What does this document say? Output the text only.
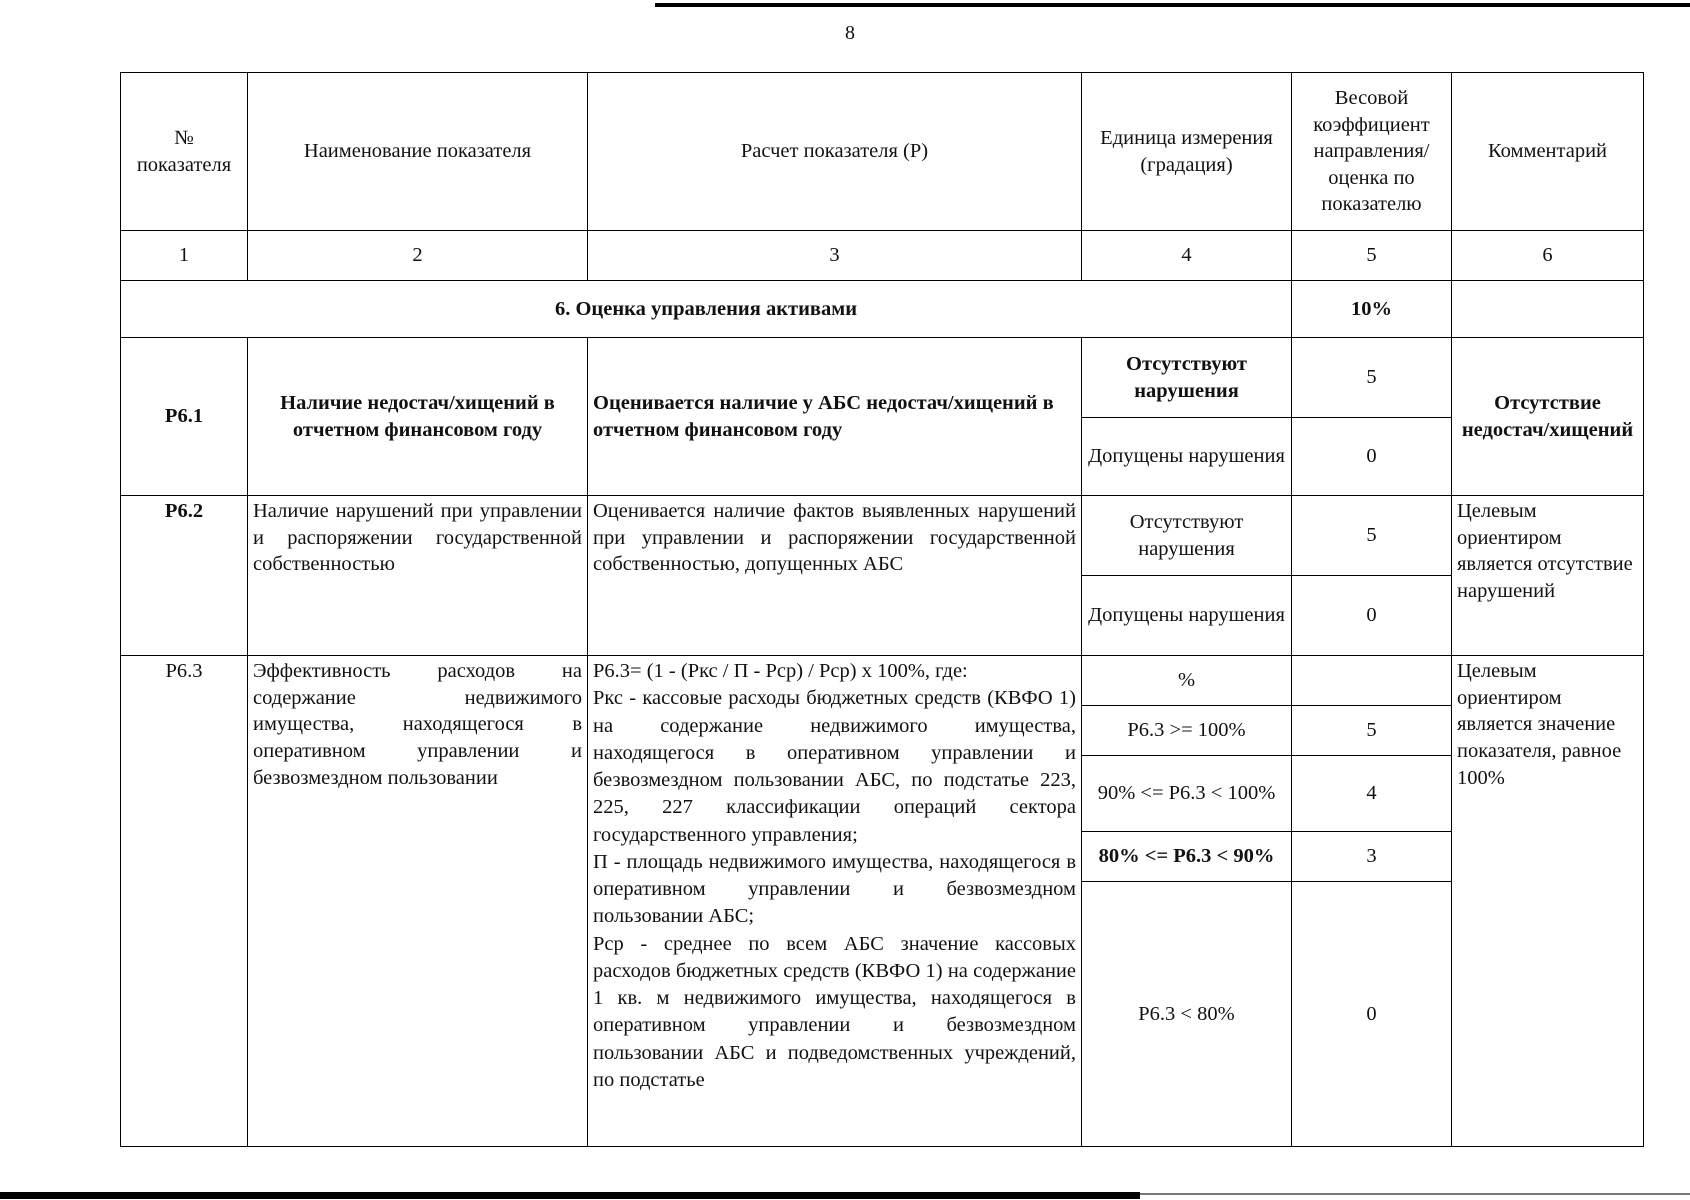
8
№ показателя	Наименование показателя	Расчет показателя (Р)	Единица измерения (градация)	Весовой коэффициент направления/ оценка по показателю	Комментарий
1	2	3	4	5	6
6. Оценка управления активами				10%	
Р6.1	Наличие недостач/хищений в отчетном финансовом году	Оценивается наличие у АБС недостач/хищений в отчетном финансовом году	Отсутствуют нарушения	5	Отсутствие недостач/хищений
			Допущены нарушения	0	
Р6.2	Наличие нарушений при управлении и распоряжении государственной собственностью	Оценивается наличие фактов выявленных нарушений при управлении и распоряжении государственной собственностью, допущенных АБС	Отсутствуют нарушения	5	Целевым ориентиром является отсутствие нарушений
			Допущены нарушения	0	
Р6.3	Эффективность расходов на содержание недвижимого имущества, находящегося в оперативном управлении и безвозмездном пользовании	Р6.3= (1 - (Ркс / П - Рср) / Рср) х 100%, где:
Ркс - кассовые расходы бюджетных средств (КВФО 1) на содержание недвижимого имущества, находящегося в оперативном управлении и безвозмездном пользовании АБС, по подстатье 223, 225, 227 классификации операций сектора государственного управления;
П - площадь недвижимого имущества, находящегося в оперативном управлении и безвозмездном пользовании АБС;
Рср - среднее по всем АБС значение кассовых расходов бюджетных средств (КВФО 1) на содержание 1 кв. м недвижимого имущества, находящегося в оперативном управлении и безвозмездном пользовании АБС и подведомственных учреждений, по подстатье	%		Целевым ориентиром является значение показателя, равное 100%
			Р6.3 >= 100%	5	
			90% <= Р6.3 < 100%	4	
			80% <= Р6.3 < 90%	3	
			Р6.3 < 80%	0	
